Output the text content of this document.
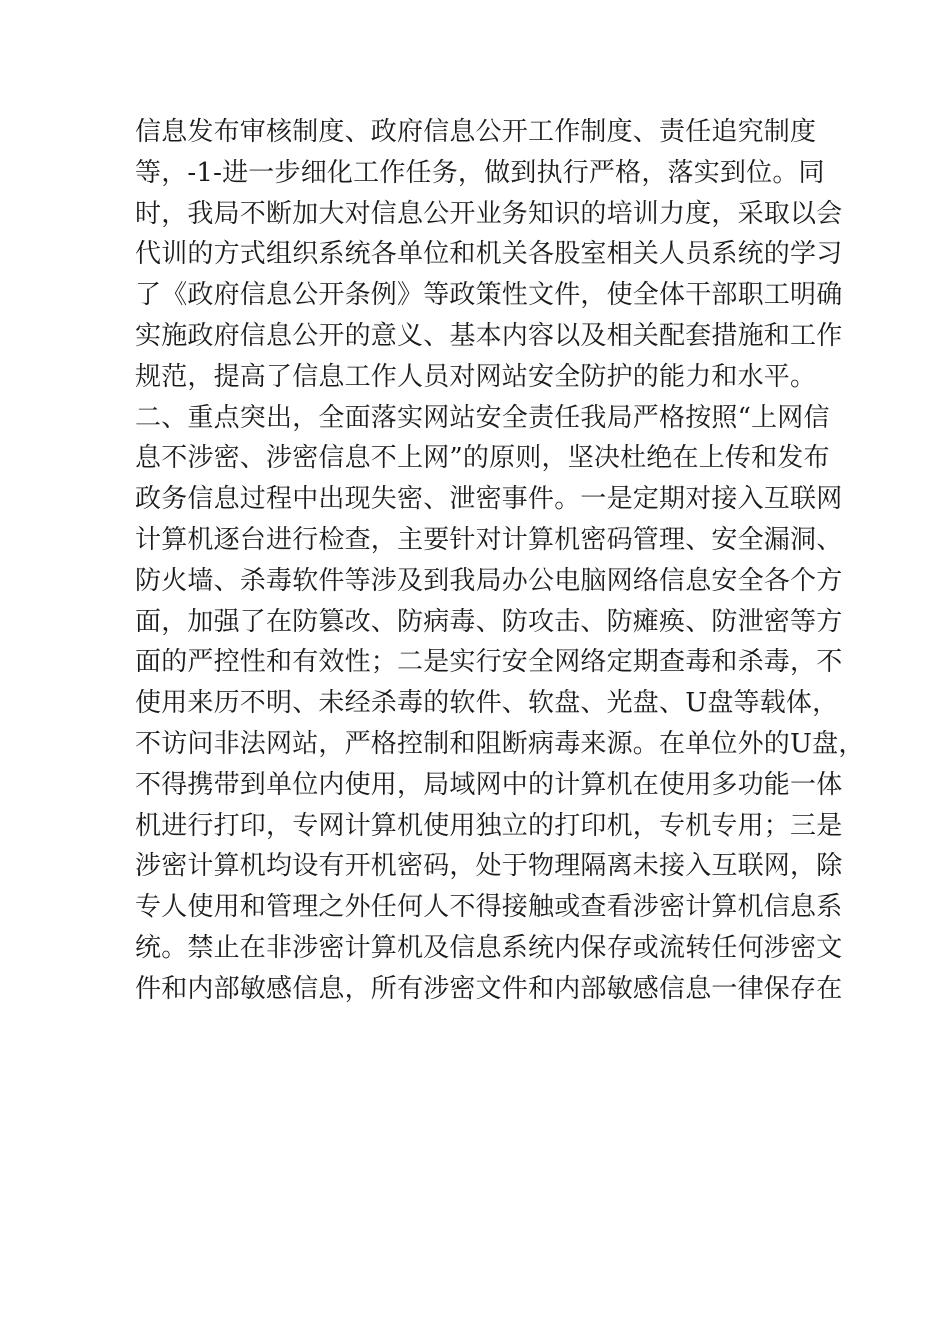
信息发布审核制度、政府信息公开工作制度、责任追究制度
等，-1-进一步细化工作任务，做到执行严格，落实到位。同
时，我局不断加大对信息公开业务知识的培训力度，采取以会
代训的方式组织系统各单位和机关各股室相关人员系统的学习
了《政府信息公开条例》等政策性文件，使全体干部职工明确
实施政府信息公开的意义、基本内容以及相关配套措施和工作
规范，提高了信息工作人员对网站安全防护的能力和水平。
二、重点突出，全面落实网站安全责任我局严格按照“上网信
息不涉密、涉密信息不上网”的原则，坚决杜绝在上传和发布
政务信息过程中出现失密、泄密事件。一是定期对接入互联网
计算机逐台进行检查，主要针对计算机密码管理、安全漏洞、
防火墙、杀毒软件等涉及到我局办公电脑网络信息安全各个方
面，加强了在防篡改、防病毒、防攻击、防瘫痪、防泄密等方
面的严控性和有效性；二是实行安全网络定期查毒和杀毒，不
使用来历不明、未经杀毒的软件、软盘、光盘、U盘等载体，
不访问非法网站，严格控制和阻断病毒来源。在单位外的U盘，
不得携带到单位内使用，局域网中的计算机在使用多功能一体
机进行打印，专网计算机使用独立的打印机，专机专用；三是
涉密计算机均设有开机密码，处于物理隔离未接入互联网，除
专人使用和管理之外任何人不得接触或查看涉密计算机信息系
统。禁止在非涉密计算机及信息系统内保存或流转任何涉密文
件和内部敏感信息，所有涉密文件和内部敏感信息一律保存在
